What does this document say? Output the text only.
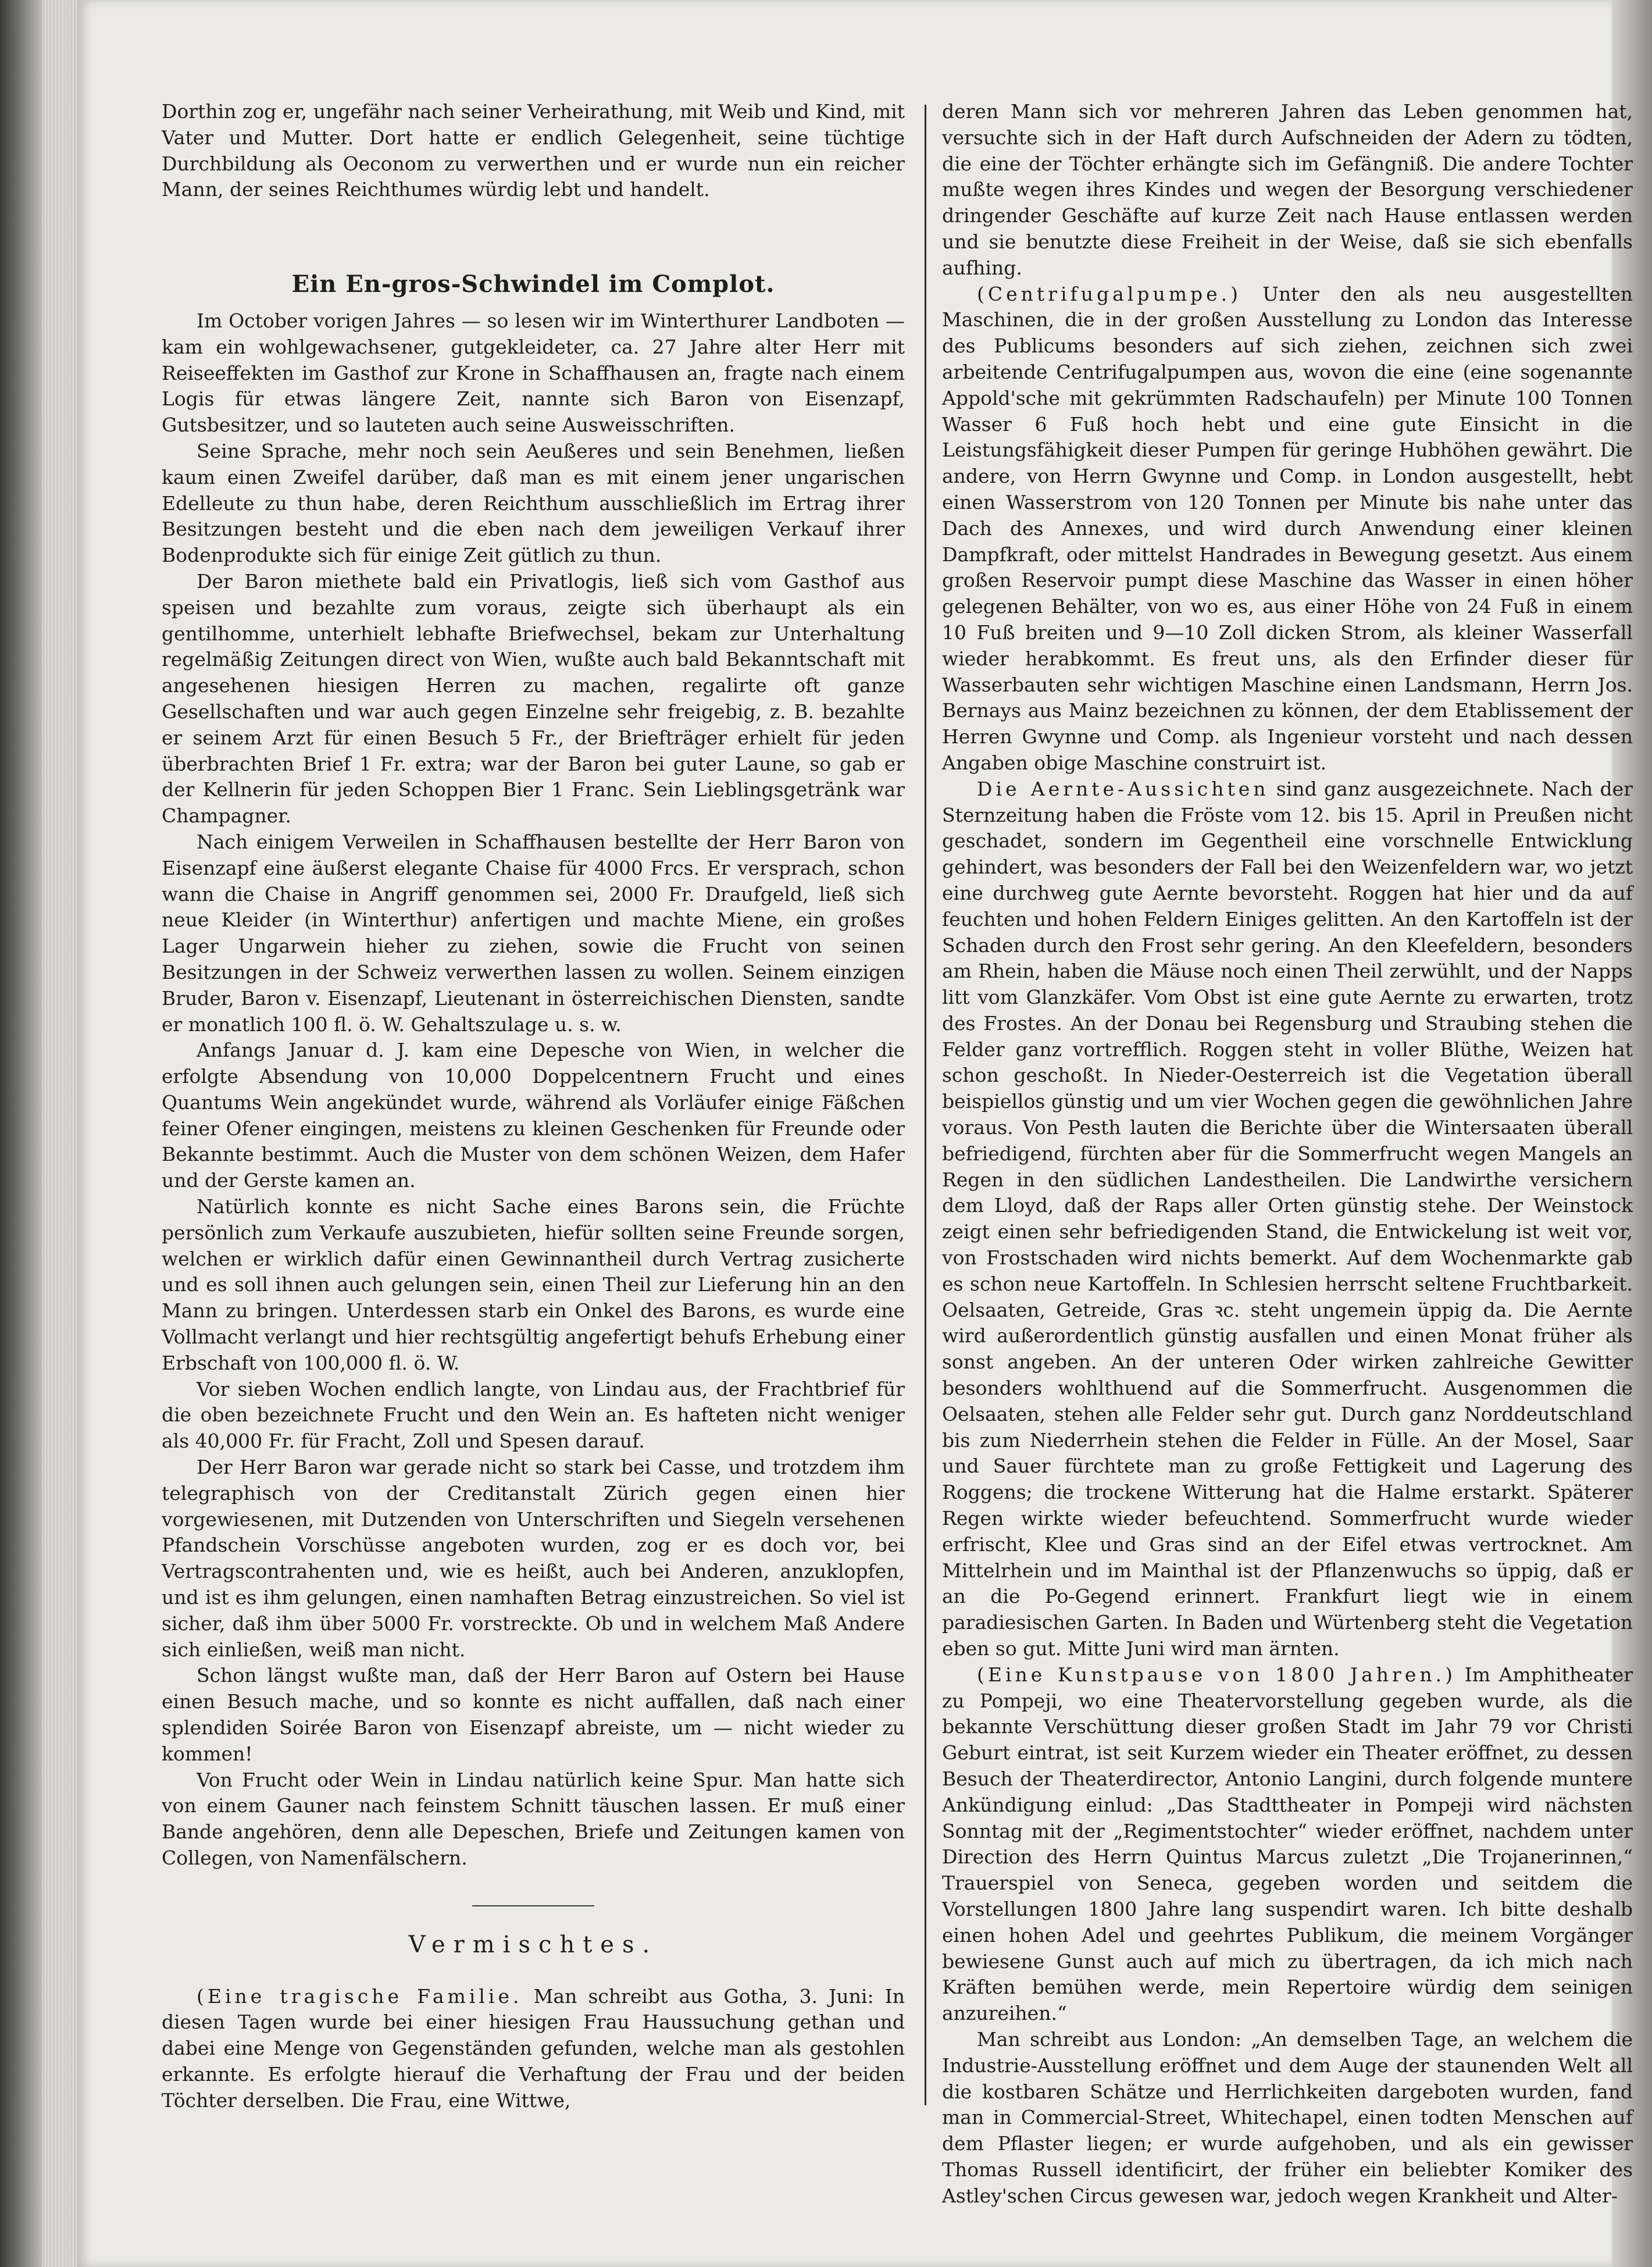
Dorthin zog er, ungefähr nach seiner Verheirathung, mit Weib und Kind, mit Vater und Mutter. Dort hatte er endlich Gelegenheit, seine tüchtige Durchbildung als Oeconom zu verwerthen und er wurde nun ein reicher Mann, der seines Reichthumes würdig lebt und handelt.

Ein En-gros-Schwindel im Complot.

Im October vorigen Jahres — so lesen wir im Winterthurer Landboten — kam ein wohlgewachsener, gutgekleideter, ca. 27 Jahre alter Herr mit Reiseeffekten im Gasthof zur Krone in Schaffhausen an, fragte nach einem Logis für etwas längere Zeit, nannte sich Baron von Eisenzapf, Gutsbesitzer, und so lauteten auch seine Ausweisschriften.

Seine Sprache, mehr noch sein Aeußeres und sein Benehmen, ließen kaum einen Zweifel darüber, daß man es mit einem jener ungarischen Edelleute zu thun habe, deren Reichthum ausschließlich im Ertrag ihrer Besitzungen besteht und die eben nach dem jeweiligen Verkauf ihrer Bodenprodukte sich für einige Zeit gütlich zu thun.

Der Baron miethete bald ein Privatlogis, ließ sich vom Gasthof aus speisen und bezahlte zum voraus, zeigte sich überhaupt als ein gentilhomme, unterhielt lebhafte Briefwechsel, bekam zur Unterhaltung regelmäßig Zeitungen direct von Wien, wußte auch bald Bekanntschaft mit angesehenen hiesigen Herren zu machen, regalirte oft ganze Gesellschaften und war auch gegen Einzelne sehr freigebig, z. B. bezahlte er seinem Arzt für einen Besuch 5 Fr., der Briefträger erhielt für jeden überbrachten Brief 1 Fr. extra; war der Baron bei guter Laune, so gab er der Kellnerin für jeden Schoppen Bier 1 Franc. Sein Lieblingsgetränk war Champagner.

Nach einigem Verweilen in Schaffhausen bestellte der Herr Baron von Eisenzapf eine äußerst elegante Chaise für 4000 Frcs. Er versprach, schon wann die Chaise in Angriff genommen sei, 2000 Fr. Draufgeld, ließ sich neue Kleider (in Winterthur) anfertigen und machte Miene, ein großes Lager Ungarwein hieher zu ziehen, sowie die Frucht von seinen Besitzungen in der Schweiz verwerthen lassen zu wollen. Seinem einzigen Bruder, Baron v. Eisenzapf, Lieutenant in österreichischen Diensten, sandte er monatlich 100 fl. ö. W. Gehaltszulage u. s. w.

Anfangs Januar d. J. kam eine Depesche von Wien, in welcher die erfolgte Absendung von 10,000 Doppelcentnern Frucht und eines Quantums Wein angekündet wurde, während als Vorläufer einige Fäßchen feiner Ofener eingingen, meistens zu kleinen Geschenken für Freunde oder Bekannte bestimmt. Auch die Muster von dem schönen Weizen, dem Hafer und der Gerste kamen an.

Natürlich konnte es nicht Sache eines Barons sein, die Früchte persönlich zum Verkaufe auszubieten, hiefür sollten seine Freunde sorgen, welchen er wirklich dafür einen Gewinnantheil durch Vertrag zusicherte und es soll ihnen auch gelungen sein, einen Theil zur Lieferung hin an den Mann zu bringen. Unterdessen starb ein Onkel des Barons, es wurde eine Vollmacht verlangt und hier rechtsgültig angefertigt behufs Erhebung einer Erbschaft von 100,000 fl. ö. W.

Vor sieben Wochen endlich langte, von Lindau aus, der Frachtbrief für die oben bezeichnete Frucht und den Wein an. Es hafteten nicht weniger als 40,000 Fr. für Fracht, Zoll und Spesen darauf.

Der Herr Baron war gerade nicht so stark bei Casse, und trotzdem ihm telegraphisch von der Creditanstalt Zürich gegen einen hier vorgewiesenen, mit Dutzenden von Unterschriften und Siegeln versehenen Pfandschein Vorschüsse angeboten wurden, zog er es doch vor, bei Vertragscontrahenten und, wie es heißt, auch bei Anderen, anzuklopfen, und ist es ihm gelungen, einen namhaften Betrag einzustreichen. So viel ist sicher, daß ihm über 5000 Fr. vorstreckte. Ob und in welchem Maß Andere sich einließen, weiß man nicht.

Schon längst wußte man, daß der Herr Baron auf Ostern bei Hause einen Besuch mache, und so konnte es nicht auffallen, daß nach einer splendiden Soirée Baron von Eisenzapf abreiste, um — nicht wieder zu kommen!

Von Frucht oder Wein in Lindau natürlich keine Spur. Man hatte sich von einem Gauner nach feinstem Schnitt täuschen lassen. Er muß einer Bande angehören, denn alle Depeschen, Briefe und Zeitungen kamen von Collegen, von Namenfälschern.

Vermischtes.

(Eine tragische Familie. Man schreibt aus Gotha, 3. Juni: In diesen Tagen wurde bei einer hiesigen Frau Haussuchung gethan und dabei eine Menge von Gegenständen gefunden, welche man als gestohlen erkannte. Es erfolgte hierauf die Verhaftung der Frau und der beiden Töchter derselben. Die Frau, eine Wittwe,

deren Mann sich vor mehreren Jahren das Leben genommen hat, versuchte sich in der Haft durch Aufschneiden der Adern zu tödten, die eine der Töchter erhängte sich im Gefängniß. Die andere Tochter mußte wegen ihres Kindes und wegen der Besorgung verschiedener dringender Geschäfte auf kurze Zeit nach Hause entlassen werden und sie benutzte diese Freiheit in der Weise, daß sie sich ebenfalls aufhing.

(Centrifugalpumpe.) Unter den als neu ausgestellten Maschinen, die in der großen Ausstellung zu London das Interesse des Publicums besonders auf sich ziehen, zeichnen sich zwei arbeitende Centrifugalpumpen aus, wovon die eine (eine sogenannte Appold'sche mit gekrümmten Radschaufeln) per Minute 100 Tonnen Wasser 6 Fuß hoch hebt und eine gute Einsicht in die Leistungsfähigkeit dieser Pumpen für geringe Hubhöhen gewährt. Die andere, von Herrn Gwynne und Comp. in London ausgestellt, hebt einen Wasserstrom von 120 Tonnen per Minute bis nahe unter das Dach des Annexes, und wird durch Anwendung einer kleinen Dampfkraft, oder mittelst Handrades in Bewegung gesetzt. Aus einem großen Reservoir pumpt diese Maschine das Wasser in einen höher gelegenen Behälter, von wo es, aus einer Höhe von 24 Fuß in einem 10 Fuß breiten und 9—10 Zoll dicken Strom, als kleiner Wasserfall wieder herabkommt. Es freut uns, als den Erfinder dieser für Wasserbauten sehr wichtigen Maschine einen Landsmann, Herrn Jos. Bernays aus Mainz bezeichnen zu können, der dem Etablissement der Herren Gwynne und Comp. als Ingenieur vorsteht und nach dessen Angaben obige Maschine construirt ist.

Die Aernte-Aussichten sind ganz ausgezeichnete. Nach der Sternzeitung haben die Fröste vom 12. bis 15. April in Preußen nicht geschadet, sondern im Gegentheil eine vorschnelle Entwicklung gehindert, was besonders der Fall bei den Weizenfeldern war, wo jetzt eine durchweg gute Aernte bevorsteht. Roggen hat hier und da auf feuchten und hohen Feldern Einiges gelitten. An den Kartoffeln ist der Schaden durch den Frost sehr gering. An den Kleefeldern, besonders am Rhein, haben die Mäuse noch einen Theil zerwühlt, und der Napps litt vom Glanzkäfer. Vom Obst ist eine gute Aernte zu erwarten, trotz des Frostes. An der Donau bei Regensburg und Straubing stehen die Felder ganz vortrefflich. Roggen steht in voller Blüthe, Weizen hat schon geschoßt. In Nieder-Oesterreich ist die Vegetation überall beispiellos günstig und um vier Wochen gegen die gewöhnlichen Jahre voraus. Von Pesth lauten die Berichte über die Wintersaaten überall befriedigend, fürchten aber für die Sommerfrucht wegen Mangels an Regen in den südlichen Landestheilen. Die Landwirthe versichern dem Lloyd, daß der Raps aller Orten günstig stehe. Der Weinstock zeigt einen sehr befriedigenden Stand, die Entwickelung ist weit vor, von Frostschaden wird nichts bemerkt. Auf dem Wochenmarkte gab es schon neue Kartoffeln. In Schlesien herrscht seltene Fruchtbarkeit. Oelsaaten, Getreide, Gras ꝛc. steht ungemein üppig da. Die Aernte wird außerordentlich günstig ausfallen und einen Monat früher als sonst angeben. An der unteren Oder wirken zahlreiche Gewitter besonders wohlthuend auf die Sommerfrucht. Ausgenommen die Oelsaaten, stehen alle Felder sehr gut. Durch ganz Norddeutschland bis zum Niederrhein stehen die Felder in Fülle. An der Mosel, Saar und Sauer fürchtete man zu große Fettigkeit und Lagerung des Roggens; die trockene Witterung hat die Halme erstarkt. Späterer Regen wirkte wieder befeuchtend. Sommerfrucht wurde wieder erfrischt, Klee und Gras sind an der Eifel etwas vertrocknet. Am Mittelrhein und im Mainthal ist der Pflanzenwuchs so üppig, daß er an die Po-Gegend erinnert. Frankfurt liegt wie in einem paradiesischen Garten. In Baden und Würtenberg steht die Vegetation eben so gut. Mitte Juni wird man ärnten.

(Eine Kunstpause von 1800 Jahren.) Im Amphitheater zu Pompeji, wo eine Theatervorstellung gegeben wurde, als die bekannte Verschüttung dieser großen Stadt im Jahr 79 vor Christi Geburt eintrat, ist seit Kurzem wieder ein Theater eröffnet, zu dessen Besuch der Theaterdirector, Antonio Langini, durch folgende muntere Ankündigung einlud: „Das Stadttheater in Pompeji wird nächsten Sonntag mit der „Regimentstochter“ wieder eröffnet, nachdem unter Direction des Herrn Quintus Marcus zuletzt „Die Trojanerinnen,“ Trauerspiel von Seneca, gegeben worden und seitdem die Vorstellungen 1800 Jahre lang suspendirt waren. Ich bitte deshalb einen hohen Adel und geehrtes Publikum, die meinem Vorgänger bewiesene Gunst auch auf mich zu übertragen, da ich mich nach Kräften bemühen werde, mein Repertoire würdig dem seinigen anzureihen.“

Man schreibt aus London: „An demselben Tage, an welchem die Industrie-Ausstellung eröffnet und dem Auge der staunenden Welt all die kostbaren Schätze und Herrlichkeiten dargeboten wurden, fand man in Commercial-Street, Whitechapel, einen todten Menschen auf dem Pflaster liegen; er wurde aufgehoben, und als ein gewisser Thomas Russell identificirt, der früher ein beliebter Komiker des Astley'schen Circus gewesen war, jedoch wegen Krankheit und Alter-
